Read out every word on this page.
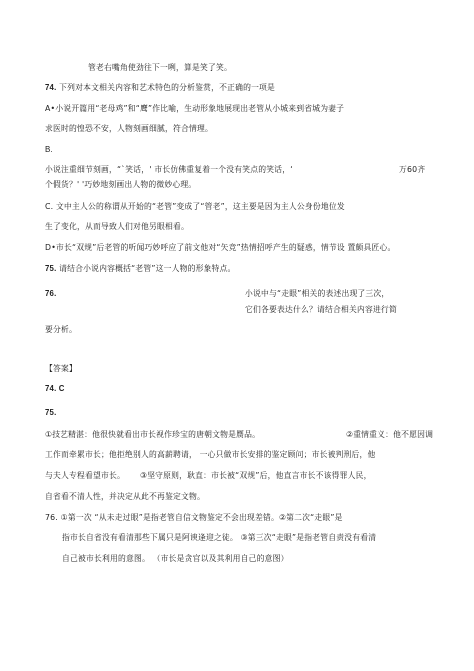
管老右嘴角使劲往下一咧，算是笑了笑。
74. 下列对本文相关内容和艺术特色的分析鉴赏，不正确的一项是
A•小说开篇用“老母鸡”和“鹰”作比喻，生动形象地展现出老管从小城来到省城为妻子
求医时的惶恐不安，人物刻画细腻，符合情理。
B.
小说注重细节刻画，“`笑话，' 市长仿佛重复着一个没有笑点的笑话，‘	万60齐
个假货？' '巧妙地刻画出人物的微妙心理。
C. 文中主人公的称谓从开始的“老管”变成了“管老”，这主要是因为主人公身份地位发
生了变化，从而导致人们对他另眼相看。
D•市长“双规”后老管的听闻巧妙呼应了前文他对“矢竞”热情招呼产生的疑惑，情节设 置颇具匠心。
75. 请结合小说内容概括“老管”这一人物的形象特点。
76.	小说中与“走眼”相关的表述出现了三次，
它们各要表达什么？请结合相关内容进行简
要分析。
【答案】
74. C
75.
①技艺精湛：他很快就看出市长视作珍宝的唐朝文物是赝品。	②重情重义：他不愿因调
工作而牵累市长；他拒绝别人的高薪聘请， 一心只做市长安排的鉴定顾问；市长被判刑后，他
与夫人专程看望市长。 ③坚守原则，耿直：市长被“双规”后，他直言市长不该得罪人民，
自省看不清人性，并决定从此不再鉴定文物。
76. ①第一次 “从未走过眼”是指老管自信文物鉴定不会出现差错。②第二次“走眼”是
指市长自省没有看清那些下属只是阿谀逢迎之徒。 ③第三次“走眼”是指老管自责没有看清
自己被市长利用的意图。 （市长是贪官以及其利用自己的意图）
